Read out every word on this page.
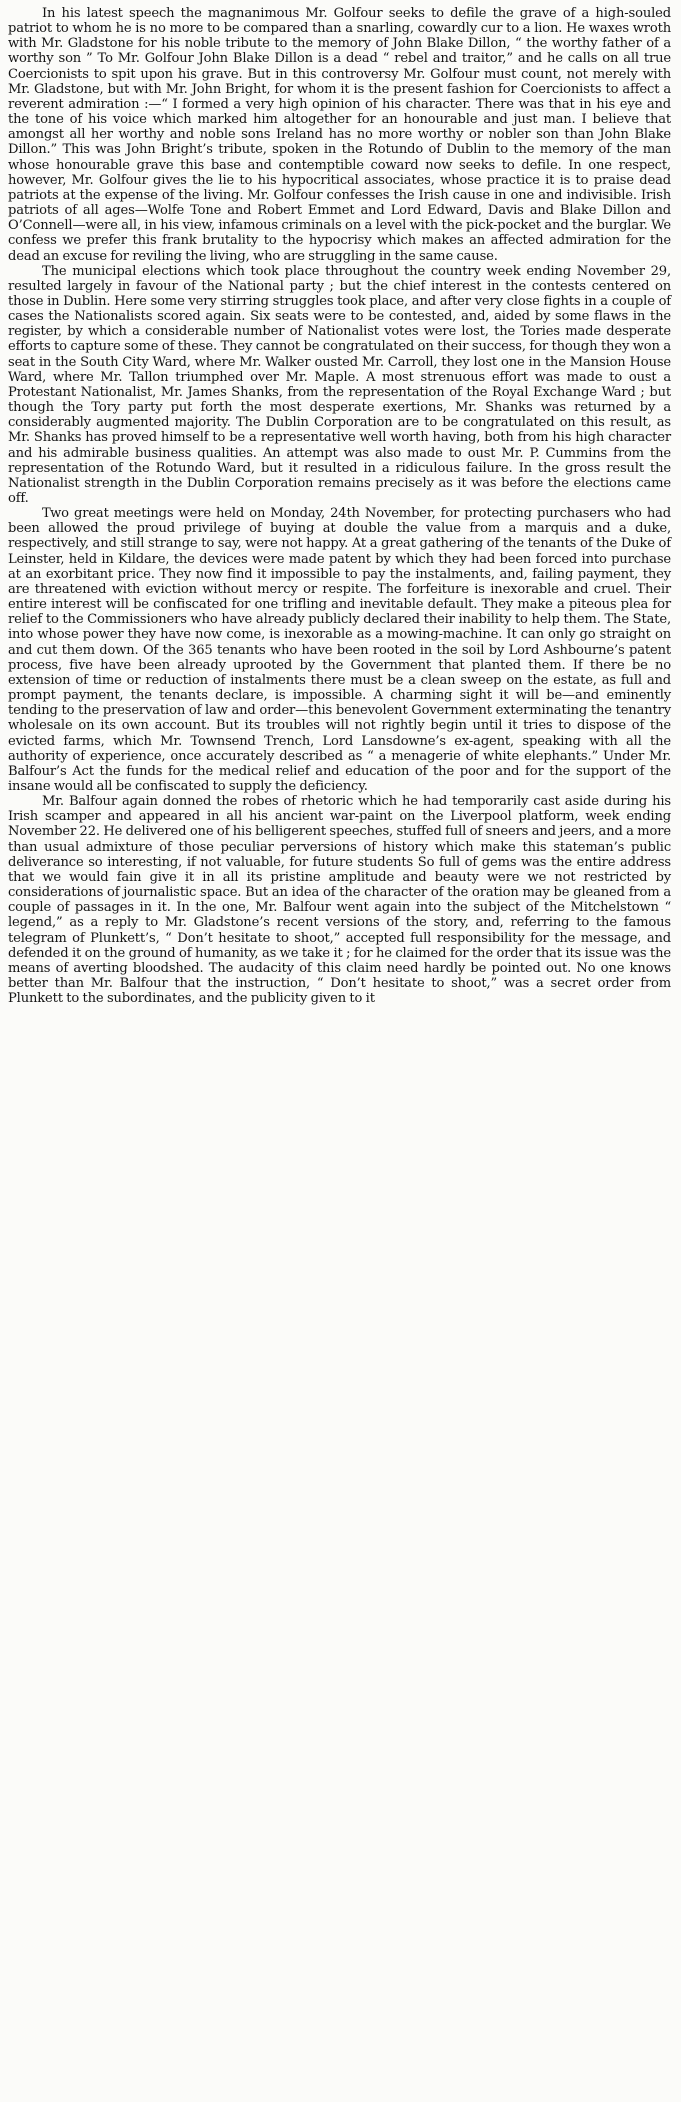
In his latest speech the magnanimous Mr. Golfour seeks to defile the grave of a high-souled patriot to whom he is no more to be compared than a snarling, cowardly cur to a lion. He waxes wroth with Mr. Gladstone for his noble tribute to the memory of John Blake Dillon, “ the worthy father of a worthy son ” To Mr. Golfour John Blake Dillon is a dead “ rebel and traitor,” and he calls on all true Coercionists to spit upon his grave. But in this controversy Mr. Golfour must count, not merely with Mr. Gladstone, but with Mr. John Bright, for whom it is the present fashion for Coercionists to affect a reverent admiration :—“ I formed a very high opinion of his character. There was that in his eye and the tone of his voice which marked him altogether for an honourable and just man. I believe that amongst all her worthy and noble sons Ireland has no more worthy or nobler son than John Blake Dillon.” This was John Bright’s tribute, spoken in the Rotundo of Dublin to the memory of the man whose honourable grave this base and contemptible coward now seeks to defile. In one respect, however, Mr. Golfour gives the lie to his hypocritical associates, whose practice it is to praise dead patriots at the expense of the living. Mr. Golfour confesses the Irish cause in one and indivisible. Irish patriots of all ages—Wolfe Tone and Robert Emmet and Lord Edward, Davis and Blake Dillon and O’Connell—were all, in his view, infamous criminals on a level with the pick-pocket and the burglar. We confess we prefer this frank brutality to the hypocrisy which makes an affected admiration for the dead an excuse for reviling the living, who are struggling in the same cause.

The municipal elections which took place throughout the country week ending November 29, resulted largely in favour of the National party ; but the chief interest in the contests centered on those in Dublin. Here some very stirring struggles took place, and after very close fights in a couple of cases the Nationalists scored again. Six seats were to be contested, and, aided by some flaws in the register, by which a considerable number of Nationalist votes were lost, the Tories made desperate efforts to capture some of these. They cannot be congratulated on their success, for though they won a seat in the South City Ward, where Mr. Walker ousted Mr. Carroll, they lost one in the Mansion House Ward, where Mr. Tallon triumphed over Mr. Maple. A most strenuous effort was made to oust a Protestant Nationalist, Mr. James Shanks, from the representation of the Royal Exchange Ward ; but though the Tory party put forth the most desperate exertions, Mr. Shanks was returned by a considerably augmented majority. The Dublin Corporation are to be congratulated on this result, as Mr. Shanks has proved himself to be a representative well worth having, both from his high character and his admirable business qualities. An attempt was also made to oust Mr. P. Cummins from the representation of the Rotundo Ward, but it resulted in a ridiculous failure. In the gross result the Nationalist strength in the Dublin Corporation remains precisely as it was before the elections came off.

Two great meetings were held on Monday, 24th November, for protecting purchasers who had been allowed the proud privilege of buying at double the value from a marquis and a duke, respectively, and still strange to say, were not happy. At a great gathering of the tenants of the Duke of Leinster, held in Kildare, the devices were made patent by which they had been forced into purchase at an exorbitant price. They now find it impossible to pay the instalments, and, failing payment, they are threatened with eviction without mercy or respite. The forfeiture is inexorable and cruel. Their entire interest will be confiscated for one trifling and inevitable default. They make a piteous plea for relief to the Commissioners who have already publicly declared their inability to help them. The State, into whose power they have now come, is inexorable as a mowing-machine. It can only go straight on and cut them down. Of the 365 tenants who have been rooted in the soil by Lord Ashbourne’s patent process, five have been already uprooted by the Government that planted them. If there be no extension of time or reduction of instalments there must be a clean sweep on the estate, as full and prompt payment, the tenants declare, is impossible. A charming sight it will be—and eminently tending to the preservation of law and order—this benevolent Government exterminating the tenantry wholesale on its own account. But its troubles will not rightly begin until it tries to dispose of the evicted farms, which Mr. Townsend Trench, Lord Lansdowne’s ex-agent, speaking with all the authority of experience, once accurately described as “ a menagerie of white elephants.” Under Mr. Balfour’s Act the funds for the medical relief and education of the poor and for the support of the insane would all be confiscated to supply the deficiency.

Mr. Balfour again donned the robes of rhetoric which he had temporarily cast aside during his Irish scamper and appeared in all his ancient war-paint on the Liverpool platform, week ending November 22. He delivered one of his belligerent speeches, stuffed full of sneers and jeers, and a more than usual admixture of those peculiar perversions of history which make this stateman’s public deliverance so interesting, if not valuable, for future students So full of gems was the entire address that we would fain give it in all its pristine amplitude and beauty were we not restricted by considerations of journalistic space. But an idea of the character of the oration may be gleaned from a couple of passages in it. In the one, Mr. Balfour went again into the subject of the Mitchelstown “ legend,” as a reply to Mr. Gladstone’s recent versions of the story, and, referring to the famous telegram of Plunkett’s, “ Don’t hesitate to shoot,” accepted full responsibility for the message, and defended it on the ground of humanity, as we take it ; for he claimed for the order that its issue was the means of averting bloodshed. The audacity of this claim need hardly be pointed out. No one knows better than Mr. Balfour that the instruction, “ Don’t hesitate to shoot,” was a secret order from Plunkett to the subordinates, and the publicity given to it
